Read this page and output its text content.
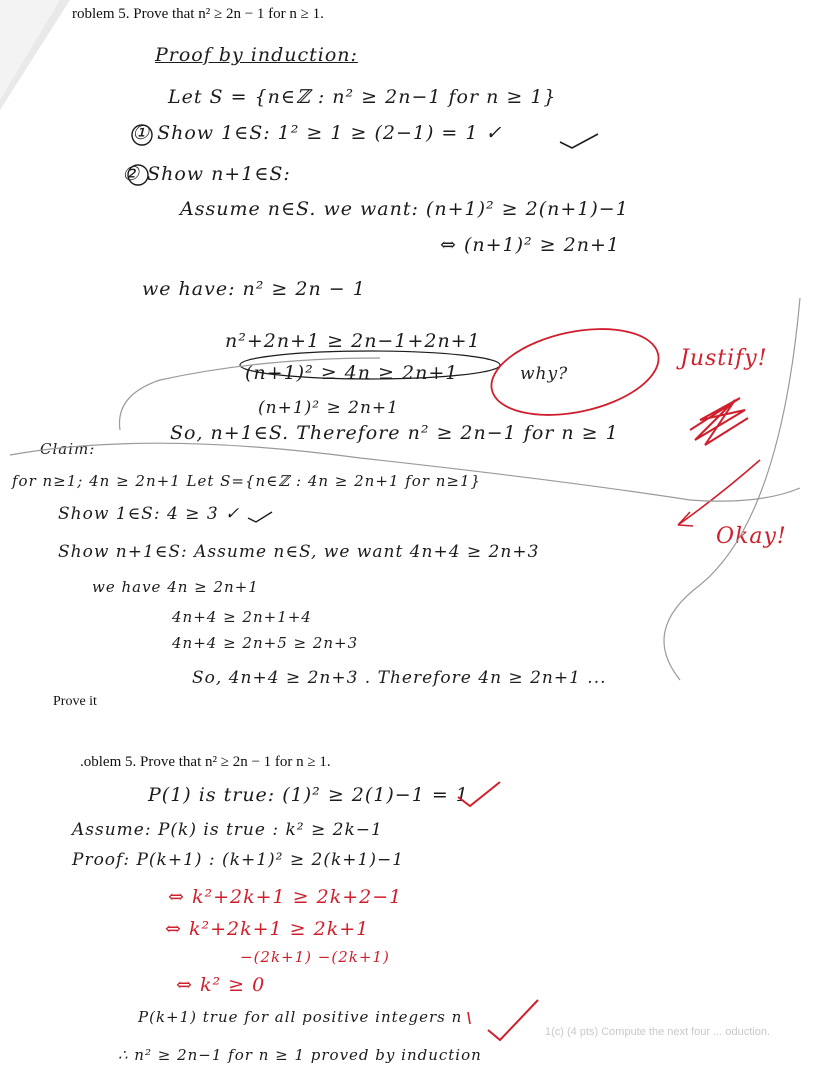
roblem 5. Prove that n² ≥ 2n − 1 for n ≥ 1.
Proof by induction:
Let S = {n∈ℤ : n² ≥ 2n−1 for n ≥ 1}
① Show 1∈S: 1² ≥ 1 ≥ (2−1) = 1 ✓
② Show n+1∈S:
Assume n∈S. we want: (n+1)² ≥ 2(n+1)−1
⇔ (n+1)² ≥ 2n+1
we have: n² ≥ 2n − 1
n²+2n+1 ≥ 2n−1+2n+1
(n+1)² ≥ 4n ≥ 2n+1
(n+1)² ≥ 2n+1
So, n+1∈S. Therefore n² ≥ 2n−1 for n ≥ 1
Claim:
for n≥1; 4n ≥ 2n+1 Let S={n∈ℤ : 4n ≥ 2n+1 for n≥1}
Show 1∈S: 4 ≥ 3 ✓
Show n+1∈S: Assume n∈S, we want 4n+4 ≥ 2n+3
we have 4n ≥ 2n+1
4n+4 ≥ 2n+1+4
4n+4 ≥ 2n+5 ≥ 2n+3
So, 4n+4 ≥ 2n+3 . Therefore 4n ≥ 2n+1 ...
why?
Justify!
Okay!
Prove it
.oblem 5. Prove that n² ≥ 2n − 1 for n ≥ 1.
P(1) is true: (1)² ≥ 2(1)−1 = 1
Assume: P(k) is true : k² ≥ 2k−1
Proof: P(k+1) : (k+1)² ≥ 2(k+1)−1
⇔ k²+2k+1 ≥ 2k+2−1
⇔ k²+2k+1 ≥ 2k+1
−(2k+1) −(2k+1)
⇔ k² ≥ 0
P(k+1) true for all positive integers n
∴ n² ≥ 2n−1 for n ≥ 1 proved by induction
1(c) (4 pts) Compute the next four ... oduction.
